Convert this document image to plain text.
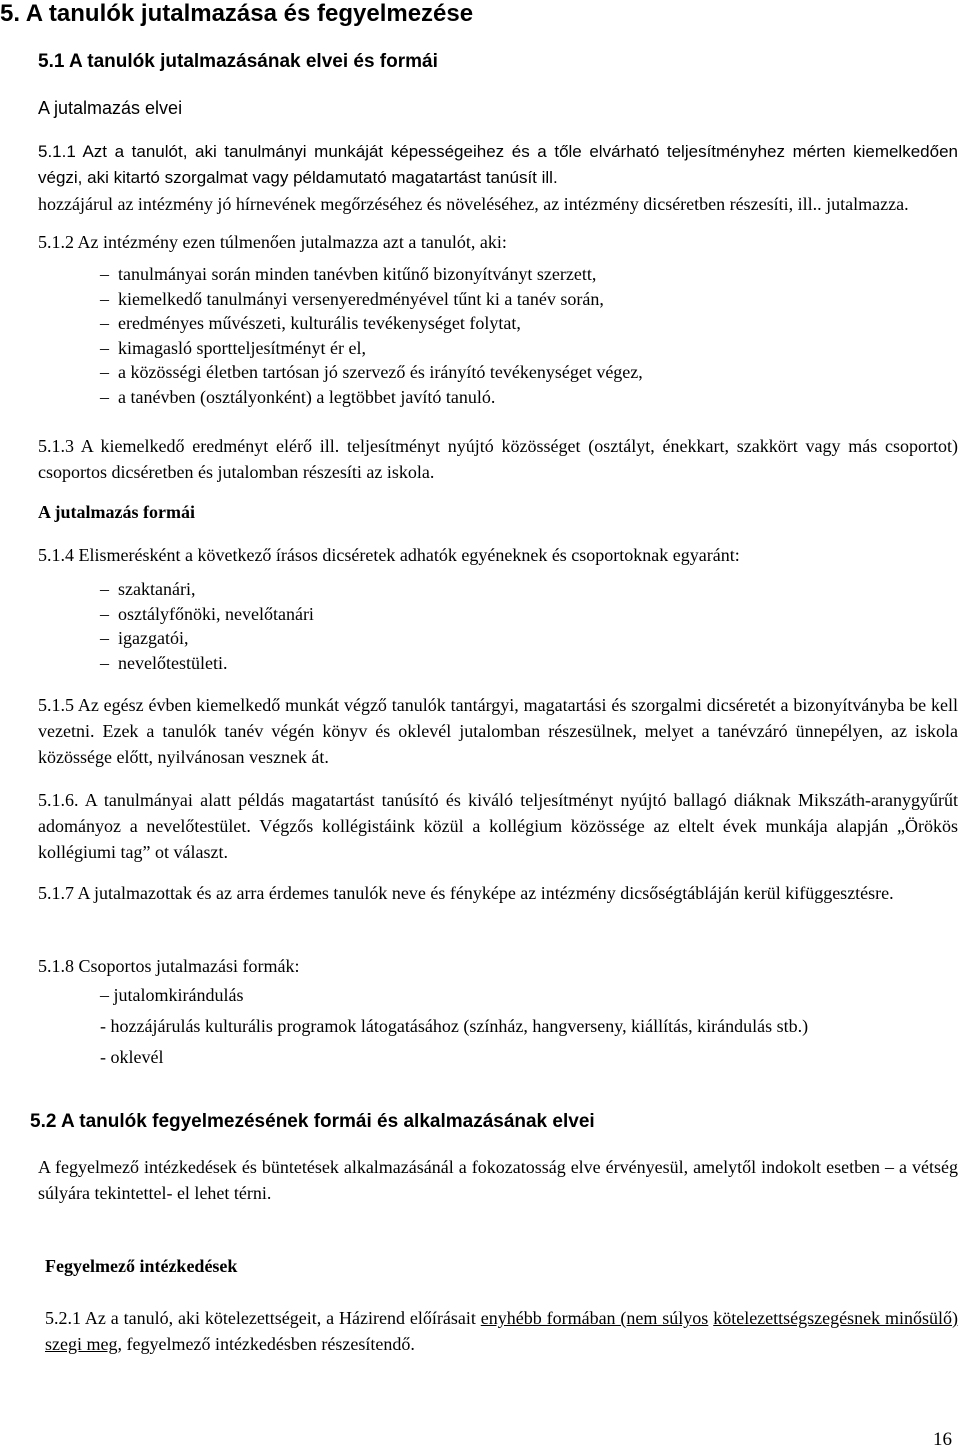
5. A tanulók jutalmazása és fegyelmezése
5.1 A tanulók jutalmazásának elvei és formái
A jutalmazás elvei

5.1.1 Azt a tanulót, aki tanulmányi munkáját képességeihez és a tőle elvárható teljesítményhez mérten kiemelkedően végzi, aki kitartó szorgalmat vagy példamutató magatartást tanúsít ill.

hozzájárul az intézmény jó hírnevének megőrzéséhez és növeléséhez, az intézmény dicséretben részesíti, ill.. jutalmazza.

5.1.2 Az intézmény ezen túlmenően jutalmazza azt a tanulót, aki:

–  tanulmányai során minden tanévben kitűnő bizonyítványt szerzett,
–  kiemelkedő tanulmányi versenyeredményével tűnt ki a tanév során,
–  eredményes művészeti, kulturális tevékenységet folytat,
–  kimagasló sportteljesítményt ér el,
–  a közösségi életben tartósan jó szervező és irányító tevékenységet végez,
–  a tanévben (osztályonként) a legtöbbet javító tanuló.

5.1.3 A kiemelkedő eredményt elérő ill. teljesítményt nyújtó közösséget (osztályt, énekkart, szakkört vagy más csoportot) csoportos dicséretben és jutalomban részesíti az iskola.

A jutalmazás formái

5.1.4 Elismerésként a következő írásos dicséretek adhatók egyéneknek és csoportoknak egyaránt:

–  szaktanári,
–  osztályfőnöki, nevelőtanári
–  igazgatói,
–  nevelőtestületi.

5.1.5 Az egész évben kiemelkedő munkát végző tanulók tantárgyi, magatartási és szorgalmi dicséretét a bizonyítványba be kell vezetni. Ezek a tanulók tanév végén könyv és oklevél jutalomban részesülnek, melyet a tanévzáró ünnepélyen, az iskola közössége előtt, nyilvánosan vesznek át.

5.1.6. A tanulmányai alatt példás magatartást tanúsító és kiváló teljesítményt nyújtó ballagó diáknak Mikszáth-aranygyűrűt adományoz a nevelőtestület. Végzős kollégistáink közül a kollégium közössége az eltelt évek munkája alapján „Örökös kollégiumi tag” ot választ.

5.1.7 A jutalmazottak és az arra érdemes tanulók neve és fényképe az intézmény dicsőségtábláján kerül kifüggesztésre.

5.1.8 Csoportos jutalmazási formák:

– jutalomkirándulás
- hozzájárulás kulturális programok látogatásához (színház, hangverseny, kiállítás, kirándulás stb.)
- oklevél
5.2 A tanulók fegyelmezésének formái és alkalmazásának elvei

A fegyelmező intézkedések és büntetések alkalmazásánál a fokozatosság elve érvényesül, amelytől indokolt esetben – a vétség súlyára tekintettel- el lehet térni.

Fegyelmező intézkedések

5.2.1 Az a tanuló, aki kötelezettségeit, a Házirend előírásait enyhébb formában (nem súlyos kötelezettségszegésnek minősülő) szegi meg, fegyelmező intézkedésben részesítendő.

16
